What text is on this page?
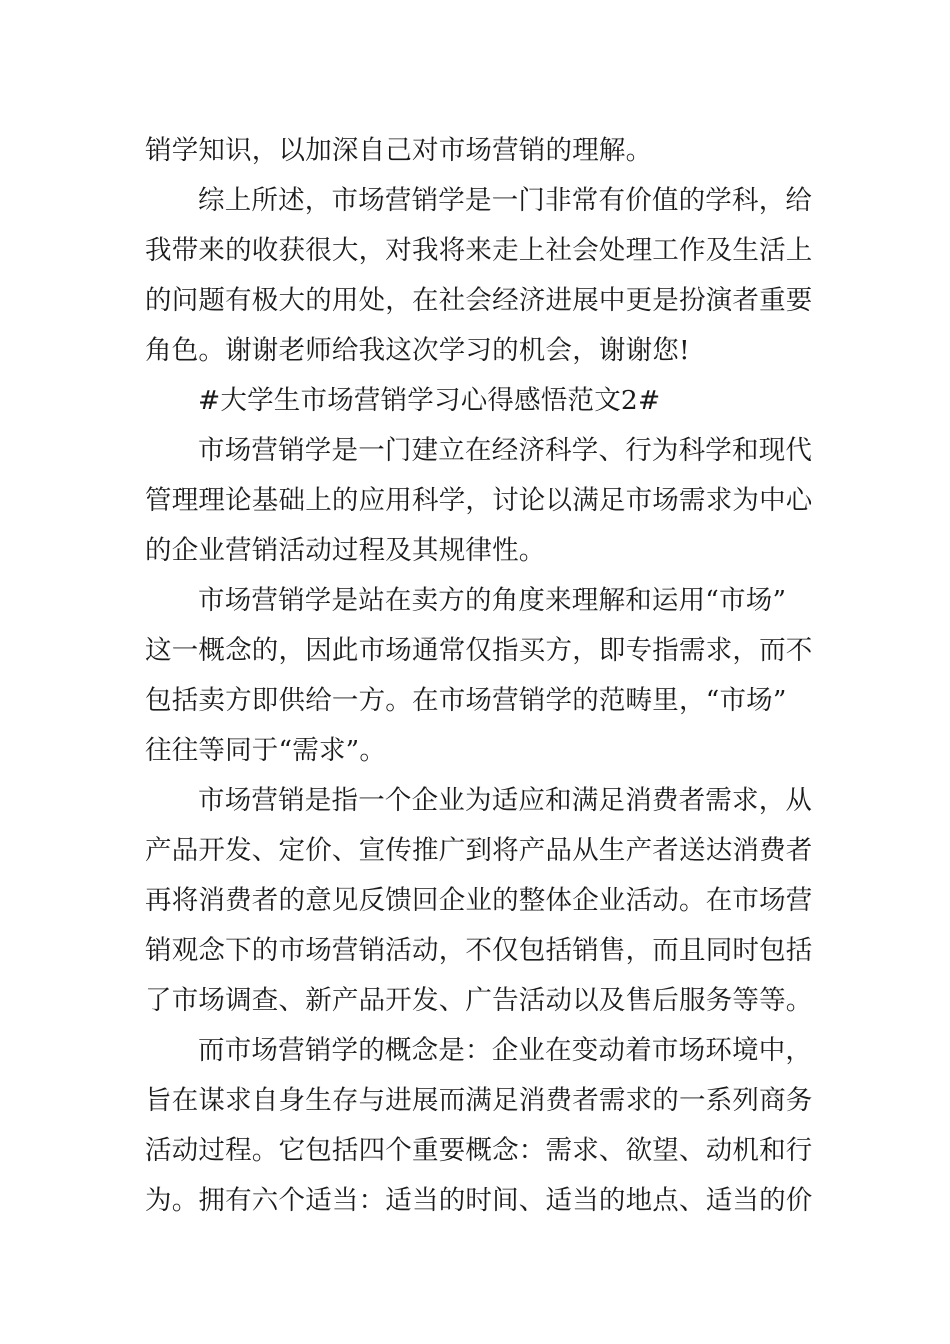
销学知识，以加深自己对市场营销的理解。
综上所述，市场营销学是一门非常有价值的学科，给
我带来的收获很大，对我将来走上社会处理工作及生活上
的问题有极大的用处，在社会经济进展中更是扮演者重要
角色。谢谢老师给我这次学习的机会，谢谢您!
#大学生市场营销学习心得感悟范文2#
市场营销学是一门建立在经济科学、行为科学和现代
管理理论基础上的应用科学，讨论以满足市场需求为中心
的企业营销活动过程及其规律性。
市场营销学是站在卖方的角度来理解和运用“市场”
这一概念的，因此市场通常仅指买方，即专指需求，而不
包括卖方即供给一方。在市场营销学的范畴里，“市场”
往往等同于“需求”。
市场营销是指一个企业为适应和满足消费者需求，从
产品开发、定价、宣传推广到将产品从生产者送达消费者
再将消费者的意见反馈回企业的整体企业活动。在市场营
销观念下的市场营销活动，不仅包括销售，而且同时包括
了市场调查、新产品开发、广告活动以及售后服务等等。
而市场营销学的概念是：企业在变动着市场环境中，
旨在谋求自身生存与进展而满足消费者需求的一系列商务
活动过程。它包括四个重要概念：需求、欲望、动机和行
为。拥有六个适当：适当的时间、适当的地点、适当的价
